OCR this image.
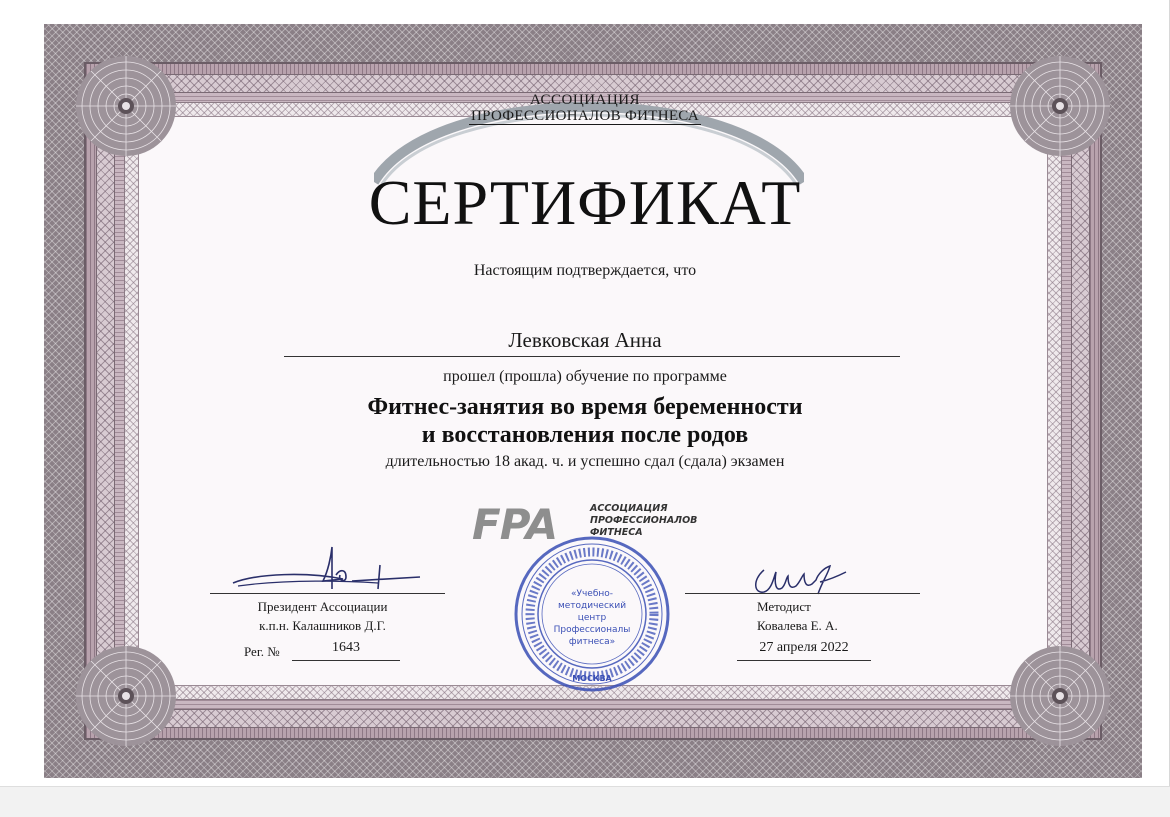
АССОЦИАЦИЯ
ПРОФЕССИОНАЛОВ ФИТНЕСА
СЕРТИФИКАТ
Настоящим подтверждается, что
Левковская Анна
прошел (прошла) обучение по программе
Фитнес-занятия во время беременности
и восстановления после родов
длительностью 18 акад. ч. и успешно сдал (сдала) экзамен
FPA	АССОЦИАЦИЯ
ПРОФЕССИОНАЛОВ
ФИТНЕСА
Президент Ассоциации
к.п.н. Калашников Д.Г.
Рег. №	1643
Методист
Ковалева Е. А.
27 апреля 2022
«Учебно-
методический
центр
Профессионалы
фитнеса»
МОСКВА
